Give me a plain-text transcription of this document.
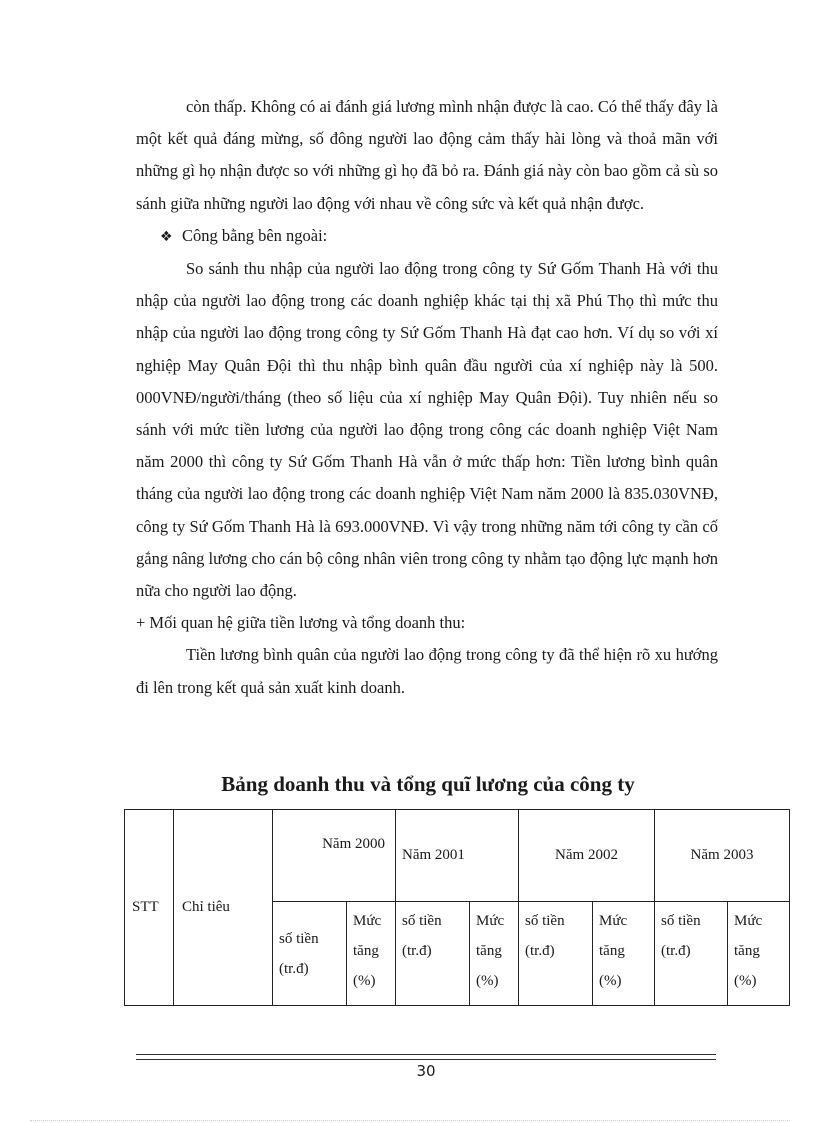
còn thấp. Không có ai đánh giá lương mình nhận được là cao. Có thể thấy đây là một kết quả đáng mừng, số đông người lao động cảm thấy hài lòng và thoả mãn với những gì họ nhận được so với những gì họ đã bỏ ra. Đánh giá này còn bao gồm cả sù so sánh giữa những người lao động với nhau về công sức và kết quả nhận được.

❖ Công bằng bên ngoài:

So sánh thu nhập của người lao động trong công ty Sứ Gốm Thanh Hà với thu nhập của người lao động trong các doanh nghiệp khác tại thị xã Phú Thọ thì mức thu nhập của người lao động trong công ty Sứ Gốm Thanh Hà đạt cao hơn. Ví dụ so với xí nghiệp May Quân Đội thì thu nhập bình quân đầu người của xí nghiệp này là 500. 000VNĐ/người/tháng (theo số liệu của xí nghiệp May Quân Đội). Tuy nhiên nếu so sánh với mức tiền lương của người lao động trong công các doanh nghiệp Việt Nam năm 2000 thì công ty Sứ Gốm Thanh Hà vẫn ở mức thấp hơn: Tiền lương bình quân tháng của người lao động trong các doanh nghiệp Việt Nam năm 2000 là 835.030VNĐ, công ty Sứ Gốm Thanh Hà là 693.000VNĐ. Vì vậy trong những năm tới công ty cần cố gắng nâng lương cho cán bộ công nhân viên trong công ty nhằm tạo động lực mạnh hơn nữa cho người lao động.

+ Mối quan hệ giữa tiền lương và tổng doanh thu:

Tiền lương bình quân của người lao động trong công ty đã thể hiện rõ xu hướng đi lên trong kết quả sản xuất kinh doanh.

Bảng doanh thu và tổng quĩ lương của công ty
STT	Chỉ tiêu	Năm 2000		Năm 2001		Năm 2002		Năm 2003	
		số tiền
(tr.đ)	Mức
tăng
(%)	số tiền
(tr.đ)	Mức
tăng
(%)	số tiền
(tr.đ)	Mức
tăng
(%)	số tiền
(tr.đ)	Mức
tăng
(%)
30
